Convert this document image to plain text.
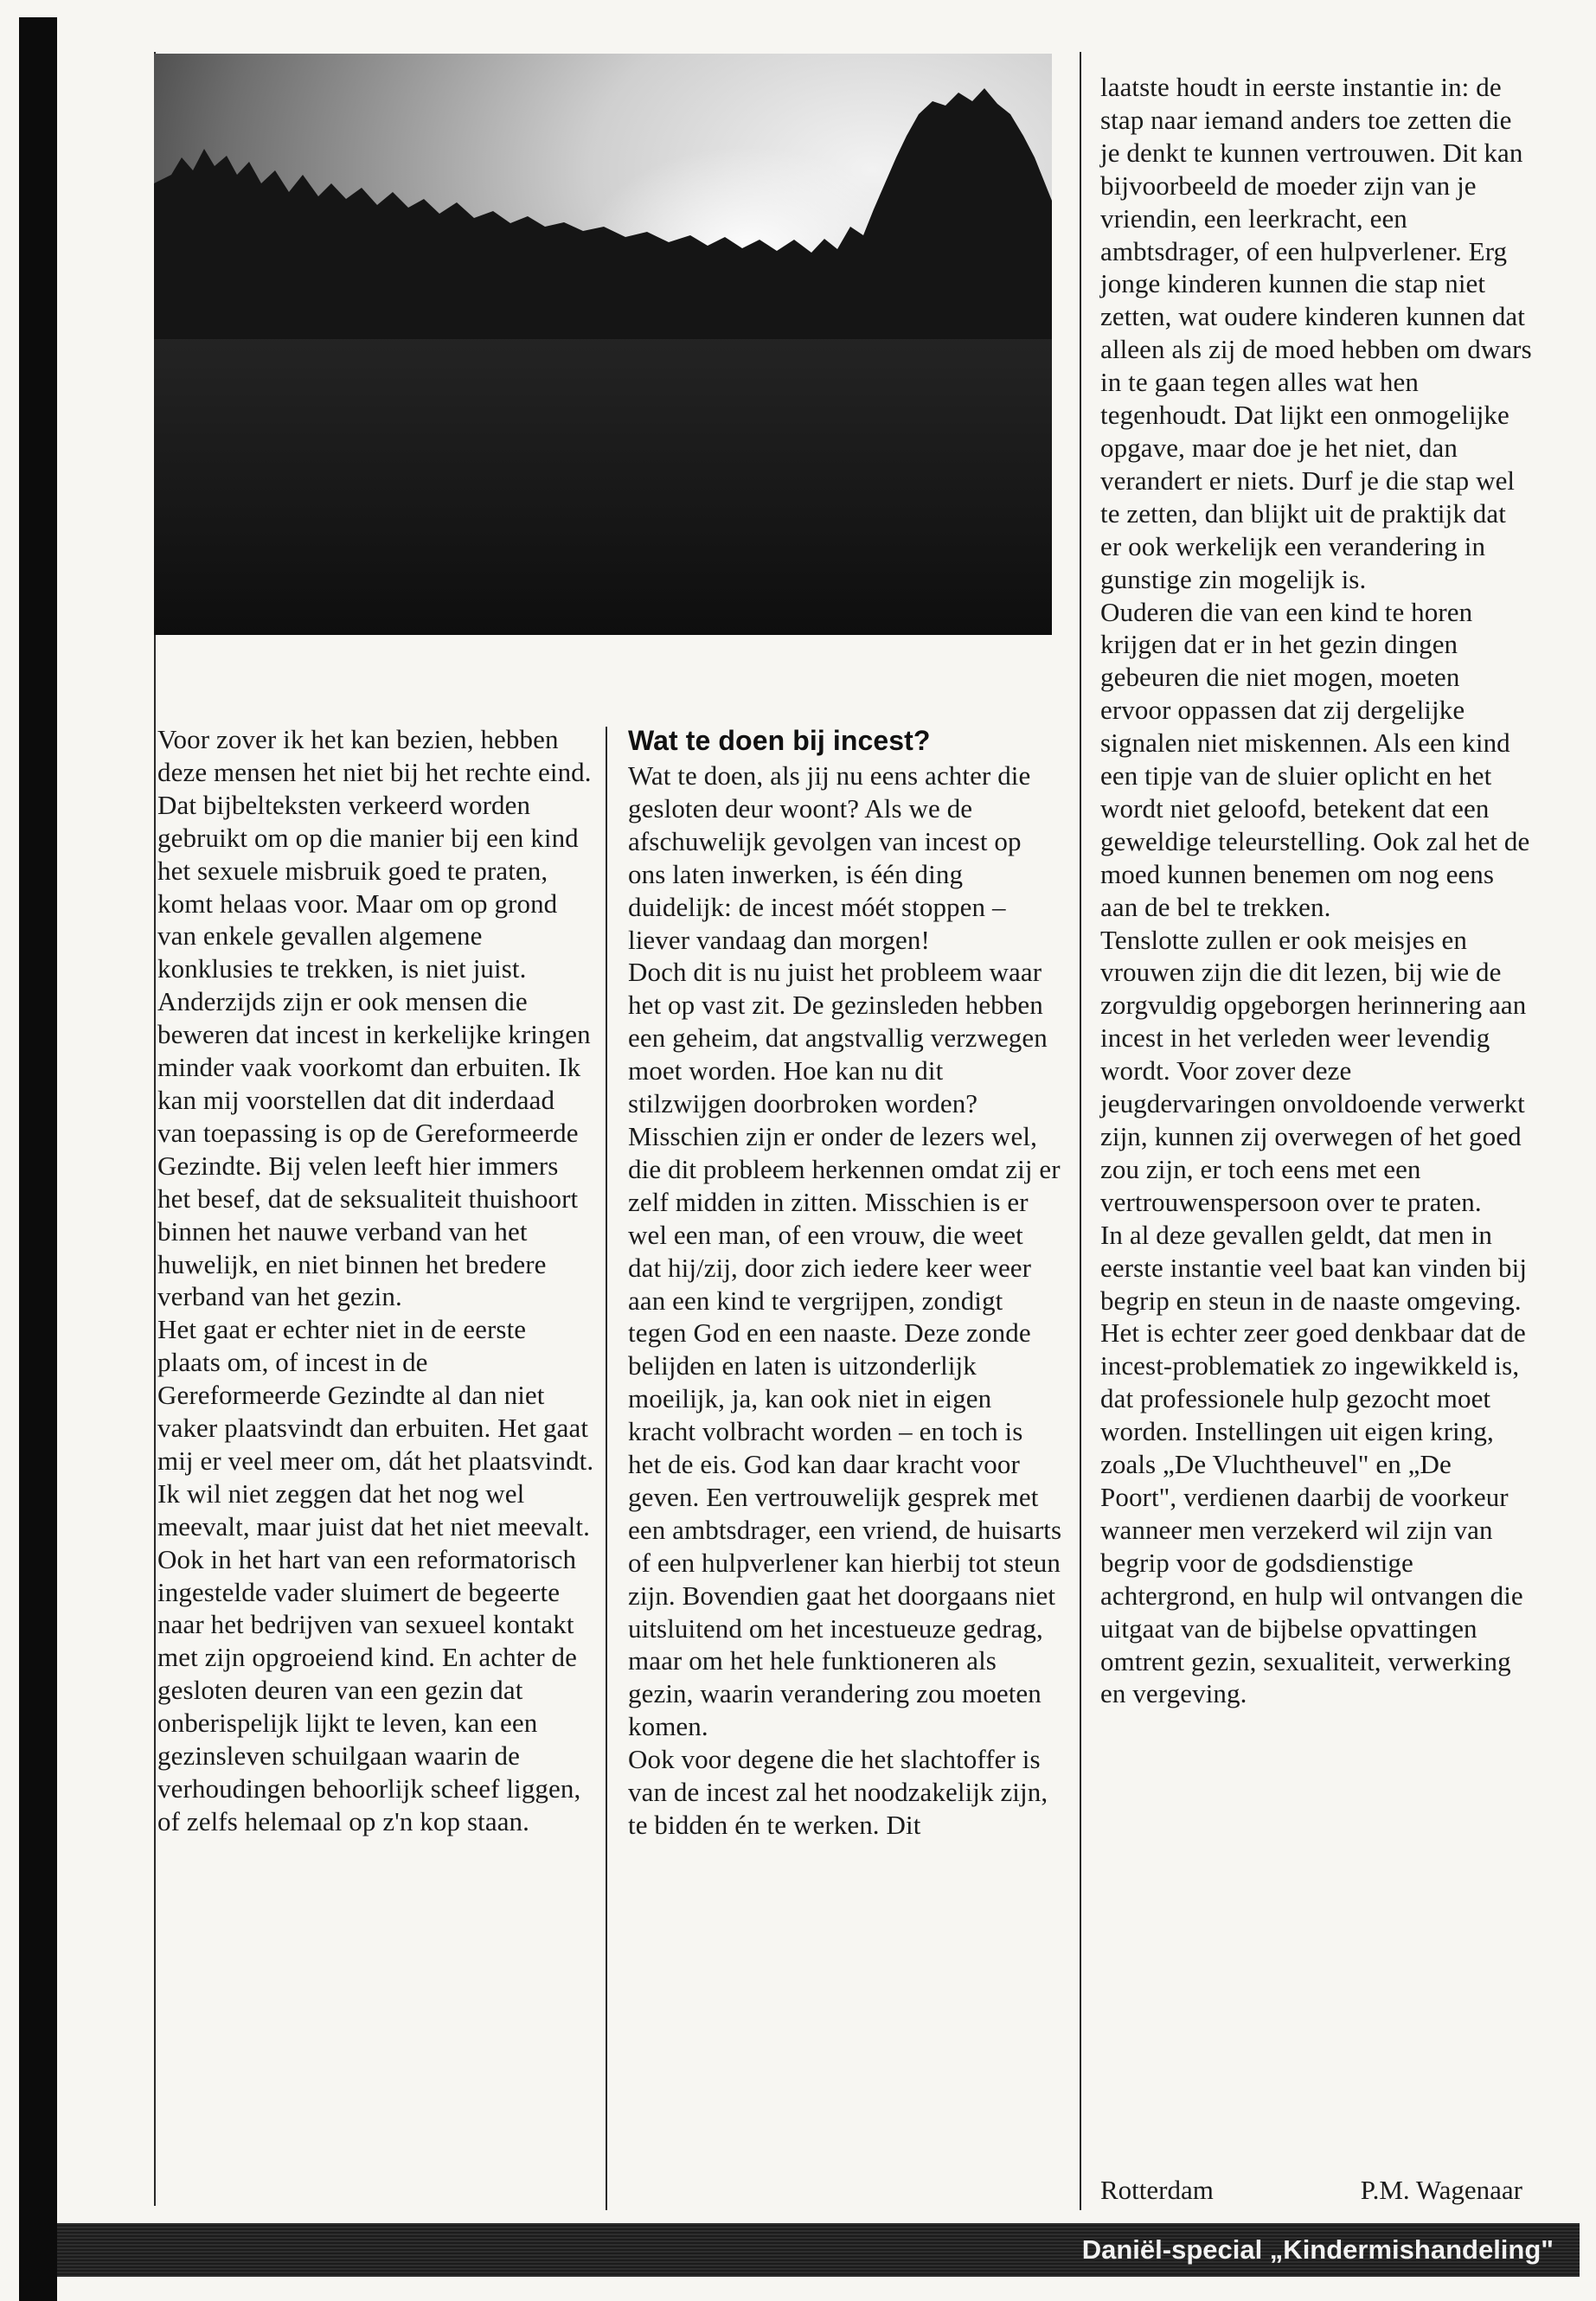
Voor zover ik het kan bezien, hebben deze mensen het niet bij het rechte eind. Dat bijbelteksten verkeerd worden gebruikt om op die manier bij een kind het sexuele misbruik goed te praten, komt helaas voor. Maar om op grond van enkele gevallen algemene konklusies te trekken, is niet juist.

Anderzijds zijn er ook mensen die beweren dat incest in kerkelijke kringen minder vaak voorkomt dan erbuiten. Ik kan mij voorstellen dat dit inderdaad van toepassing is op de Gereformeerde Gezindte. Bij velen leeft hier immers het besef, dat de seksualiteit thuishoort binnen het nauwe verband van het huwelijk, en niet binnen het bredere verband van het gezin.

Het gaat er echter niet in de eerste plaats om, of incest in de Gereformeerde Gezindte al dan niet vaker plaatsvindt dan erbuiten. Het gaat mij er veel meer om, dát het plaatsvindt. Ik wil niet zeggen dat het nog wel meevalt, maar juist dat het niet meevalt. Ook in het hart van een reformatorisch ingestelde vader sluimert de begeerte naar het bedrijven van sexueel kontakt met zijn opgroeiend kind. En achter de gesloten deuren van een gezin dat onberispelijk lijkt te leven, kan een gezinsleven schuilgaan waarin de verhoudingen behoorlijk scheef liggen, of zelfs helemaal op z'n kop staan.

Wat te doen bij incest?

Wat te doen, als jij nu eens achter die gesloten deur woont? Als we de afschuwelijk gevolgen van incest op ons laten inwerken, is één ding duidelijk: de incest móét stoppen – liever vandaag dan morgen!

Doch dit is nu juist het probleem waar het op vast zit. De gezinsleden hebben een geheim, dat angstvallig verzwegen moet worden. Hoe kan nu dit stilzwijgen doorbroken worden?

Misschien zijn er onder de lezers wel, die dit probleem herkennen omdat zij er zelf midden in zitten. Misschien is er wel een man, of een vrouw, die weet dat hij/zij, door zich iedere keer weer aan een kind te vergrijpen, zondigt tegen God en een naaste. Deze zonde belijden en laten is uitzonderlijk moeilijk, ja, kan ook niet in eigen kracht volbracht worden – en toch is het de eis. God kan daar kracht voor geven. Een vertrouwelijk gesprek met een ambtsdrager, een vriend, de huisarts of een hulpverlener kan hierbij tot steun zijn. Bovendien gaat het doorgaans niet uitsluitend om het incestueuze gedrag, maar om het hele funktioneren als gezin, waarin verandering zou moeten komen.

Ook voor degene die het slachtoffer is van de incest zal het noodzakelijk zijn, te bidden én te werken. Dit

laatste houdt in eerste instantie in: de stap naar iemand anders toe zetten die je denkt te kunnen vertrouwen. Dit kan bijvoorbeeld de moeder zijn van je vriendin, een leerkracht, een ambtsdrager, of een hulpverlener. Erg jonge kinderen kunnen die stap niet zetten, wat oudere kinderen kunnen dat alleen als zij de moed hebben om dwars in te gaan tegen alles wat hen tegenhoudt. Dat lijkt een onmogelijke opgave, maar doe je het niet, dan verandert er niets. Durf je die stap wel te zetten, dan blijkt uit de praktijk dat er ook werkelijk een verandering in gunstige zin mogelijk is.

Ouderen die van een kind te horen krijgen dat er in het gezin dingen gebeuren die niet mogen, moeten ervoor oppassen dat zij dergelijke signalen niet miskennen. Als een kind een tipje van de sluier oplicht en het wordt niet geloofd, betekent dat een geweldige teleurstelling. Ook zal het de moed kunnen benemen om nog eens aan de bel te trekken.

Tenslotte zullen er ook meisjes en vrouwen zijn die dit lezen, bij wie de zorgvuldig opgeborgen herinnering aan incest in het verleden weer levendig wordt. Voor zover deze jeugdervaringen onvoldoende verwerkt zijn, kunnen zij overwegen of het goed zou zijn, er toch eens met een vertrouwenspersoon over te praten.

In al deze gevallen geldt, dat men in eerste instantie veel baat kan vinden bij begrip en steun in de naaste omgeving. Het is echter zeer goed denkbaar dat de incest-problematiek zo ingewikkeld is, dat professionele hulp gezocht moet worden. Instellingen uit eigen kring, zoals „De Vluchtheuvel" en „De Poort", verdienen daarbij de voorkeur wanneer men verzekerd wil zijn van begrip voor de godsdienstige achtergrond, en hulp wil ontvangen die uitgaat van de bijbelse opvattingen omtrent gezin, sexualiteit, verwerking en vergeving.

Rotterdam	P.M. Wagenaar
Daniël-special „Kindermishandeling"
